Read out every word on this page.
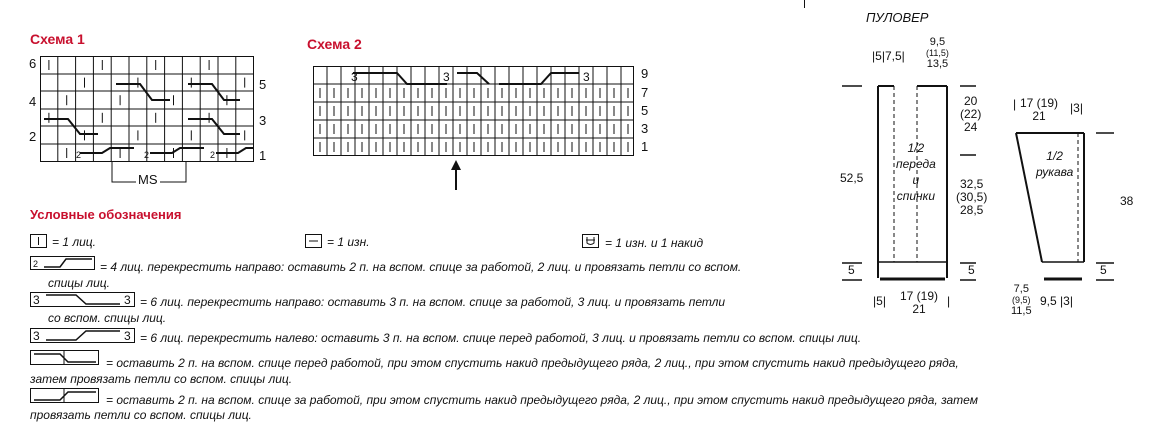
Схема 1
6
4
2
5
3
1
2	2	2
MS
Схема 2
3	3	3	9
7
5
3
1
Условные обозначения
= 1 лиц.	= 1 изн.	= 1 изн. и 1 накид
2	= 4 лиц. перекрестить направо: оставить 2 п. на вспом. спице за работой, 2 лиц. и провязать петли со вспом.
спицы лиц.
3	3 = 6 лиц. перекрестить направо: оставить 3 п. на вспом. спице за работой, 3 лиц. и провязать петли
со вспом. спицы лиц.
3	3 = 6 лиц. перекрестить налево: оставить 3 п. на вспом. спице перед работой, 3 лиц. и провязать петли со вспом. спицы лиц.
= оставить 2 п. на вспом. спице перед работой, при этом спустить накид предыдущего ряда, 2 лиц., при этом спустить накид предыдущего ряда,
затем провязать петли со вспом. спицы лиц.
= оставить 2 п. на вспом. спице за работой, при этом спустить накид предыдущего ряда, 2 лиц., при этом спустить накид предыдущего ряда, затем
провязать петли со вспом. спицы лиц.
ПУЛОВЕР
|5|7,5|
9,5
(11,5)
13,5
20
(22)
24
52,5	32,5
(30,5)
28,5
1/2
переда
и
спинки
5	5
|5| 17 (19)
21
|
| 17 (19)
21
|3|
1/2
рукава
38
5
7,5
(9,5)
11,5
9,5 |3|
